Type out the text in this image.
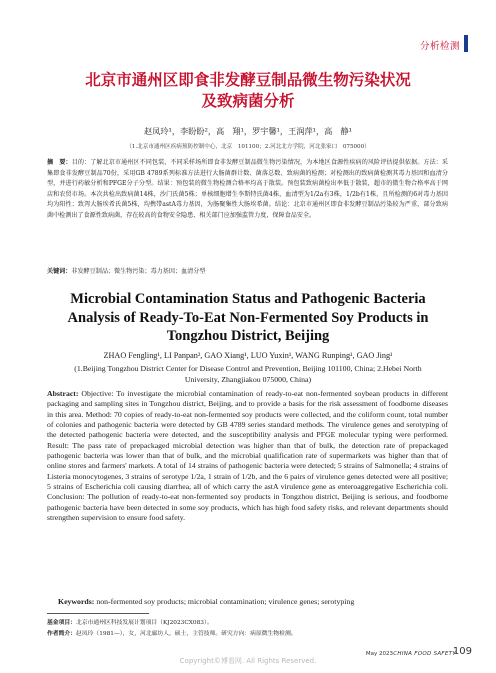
分析检测
北京市通州区即食非发酵豆制品微生物污染状况
及致病菌分析
赵凤玲¹，李盼盼²，高　翔¹，罗宇馨¹，王润萍¹，高　静¹
（1.北京市通州区疾病预防控制中心，北京　101100；2.河北北方学院，河北张家口　075000）
摘　要：目的：了解北京市通州区不同包装、不同采样场所即食非发酵豆制品微生物污染情况，为本地区食源性疾病的风险评估提供依据。方法：采集即食非发酵豆制品70份，采用GB 4789系列标准方法进行大肠菌群计数、菌落总数、致病菌的检测；对检测出的致病菌检测其毒力基因和血清分型，并进行药敏分析和PFGE分子分型。结果：预包装的微生物检测合格率均高于散装。预包装致病菌检出率低于散装，超市的微生物合格率高于网店和农贸市场。本次共检出致病菌14株，沙门氏菌5株；单核细胞增生李斯特氏菌4株，血清型为1/2a有3株，1/2b有1株，且所检测的6对毒力基因均为阳性；致泻大肠埃希氏菌5株，均携带astA毒力基因，为肠聚集性大肠埃希菌。结论：北京市通州区即食非发酵豆制品污染较为严重，部分致病菌中检测出了食源性致病菌，存在较高的食物安全隐患，相关部门应加强监管力度，保障食品安全。
关键词：非发酵豆制品；微生物污染；毒力基因；血清分型
Microbial Contamination Status and Pathogenic Bacteria
Analysis of Ready-To-Eat Non-Fermented Soy Products in
Tongzhou District, Beijing
ZHAO Fengling¹, LI Panpan², GAO Xiang¹, LUO Yuxin¹, WANG Runping¹, GAO Jing¹
(1.Beijing Tongzhou District Center for Disease Control and Prevention, Beijing 101100, China; 2.Hebei North
University, Zhangjiakou 075000, China)
Abstract: Objective: To investigate the microbial contamination of ready-to-eat non-fermented soybean products in different packaging and sampling sites in Tongzhou district, Beijing, and to provide a basis for the risk assessment of foodborne diseases in this area. Method: 70 copies of ready-to-eat non-fermented soy products were collected, and the coliform count, total number of colonies and pathogenic bacteria were detected by GB 4789 series standard methods. The virulence genes and serotyping of the detected pathogenic bacteria were detected, and the susceptibility analysis and PFGE molecular typing were performed. Result: The pass rate of prepackaged microbial detection was higher than that of bulk, the detection rate of prepackaged pathogenic bacteria was lower than that of bulk, and the microbial qualification rate of supermarkets was higher than that of online stores and farmers' markets. A total of 14 strains of pathogenic bacteria were detected; 5 strains of Salmonella; 4 strains of Listeria monocytogenes, 3 strains of serotype 1/2a, 1 strain of 1/2b, and the 6 pairs of virulence genes detected were all positive; 5 strains of Escherichia coli causing diarrhea, all of which carry the astA virulence gene as enteroaggregative Escherichia coli. Conclusion: The pollution of ready-to-eat non-fermented soy products in Tongzhou district, Beijing is serious, and foodborne pathogenic bacteria have been detected in some soy products, which has high food safety risks, and relevant departments should strengthen supervision to ensure food safety.
Keywords: non-fermented soy products; microbial contamination; virulence genes; serotyping
基金项目：北京市通州区科技发展计划项目（KJ2023CX083）。
作者简介：赵凤玲（1981—），女，河北廊坊人，硕士，主管技师。研究方向：病原微生物检测。
Copyright©博看网. All Rights Reserved.
May 2023 CHINA FOOD SAFETY
109
